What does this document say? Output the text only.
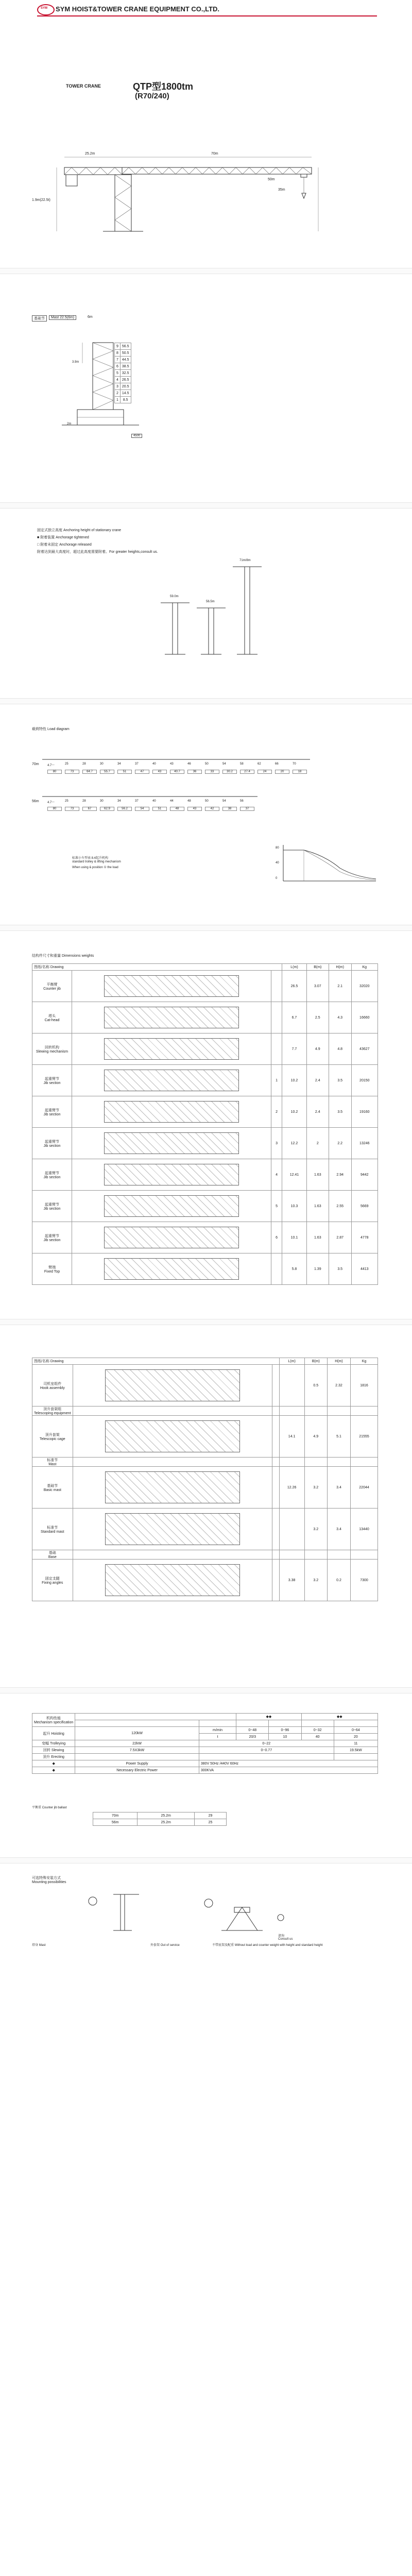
SYM SYM HOIST&TOWER CRANE EQUIPMENT CO.,LTD.
TOWER CRANE	QTP型1800tm
(R70/240)
25.2m	70m
1.9m(22.5t)
50m
35m
基础节	Mast 22.5(6m)	6m
9	56.5
8	50.5
7	44.5
6	38.5
5	32.5
4	26.5
3	20.5
2	14.5
1	8.5
3.9m
2m
4500
固定式独立高度 Anchoring height of stationary crane
■ 附着装置 Anchorage tightened
□ 附着未固定 Anchorage released
附着达到最大高度时，超过此高度需要附着。For greater heights,consult us.
59.0m
56.5m
71m/8m
载荷特性 Load diagram
70m	4.7～	25	28	30	34	37	40	43	46	50	54	58	62	66	70
80	73	64.7	55.7	51	47	43	40.7	36	33	30.2	27.4	24	20	18
56m	4.7～	25	28	30	34	37	40	44	48	50	54	56
80	73	67	62.9	56.2	54	51	48	43	42	38	37
标准小车型表 8.4起升机构
standard trolley & lifting mechanism
When using & position ① the load
80
40
0
结构件尺寸和重量 Dimensions weights
图纸/名称 Drawing			L(m)	B(m)	H(m)	Kg

平衡臂
Counter jib			26.5	3.07	2.1	32020

塔头
Cat-head			6.7	2.5	4.3	16660

回转机构
Slewing mechanism			7.7	4.9	4.8	43627

起重臂节
Jib section		1	10.2	2.4	3.5	20150

起重臂节
Jib section		2	10.2	2.4	3.5	19160

起重臂节
Jib section		3	12.2	2	2.2	13246

起重臂节
Jib section		4	12.41	1.63	2.94	9442

起重臂节
Jib section		5	10.3	1.63	2.55	5669

起重臂节
Jib section		6	10.1	1.63	2.87	4778

臂端
Fixed Top			5.8	1.39	3.5	4413
图纸/名称 Drawing			L(m)	B(m)	H(m)	Kg

司机室组件
Hook assembly				0.5	2.32	1816

顶升套架组
Telescoping equipment						

顶升套架
Telescopic cage			14.1	4.9	5.1	21555

标准节
Mast						

基础节
Basic mast			12.26	3.2	3.4	22044

标准节
Standard mast				3.2	3.4	13440

基础
Base						

固定支腿
Fixing angles			3.38	3.2	0.2	7300
机构性能
Mechanism specification			◆◆		◆◆	

起升 Hoisting	120kW	m/min	0~48	0~96	0~32	0~64
		t	20/3	10	40	20
变幅 Trolleying	22kW	0~22				11
回转 Slewing	7.5X3kW	0~0.77				19.5kW
顶升 Erecting						
◆	Power Supply	380V 50Hz /440V 60Hz				
◆	Necessary Electric Power	300KVA				
平衡重 Counter jib ballast
70m	25.2m	29
56m	25.2m	25
可选特殊安装方式
Mounting possibilities
塔身 Mast	外套架 Out of service	不带底架及配重 Without load and counter weight with height and standard height
请询
Consult us
